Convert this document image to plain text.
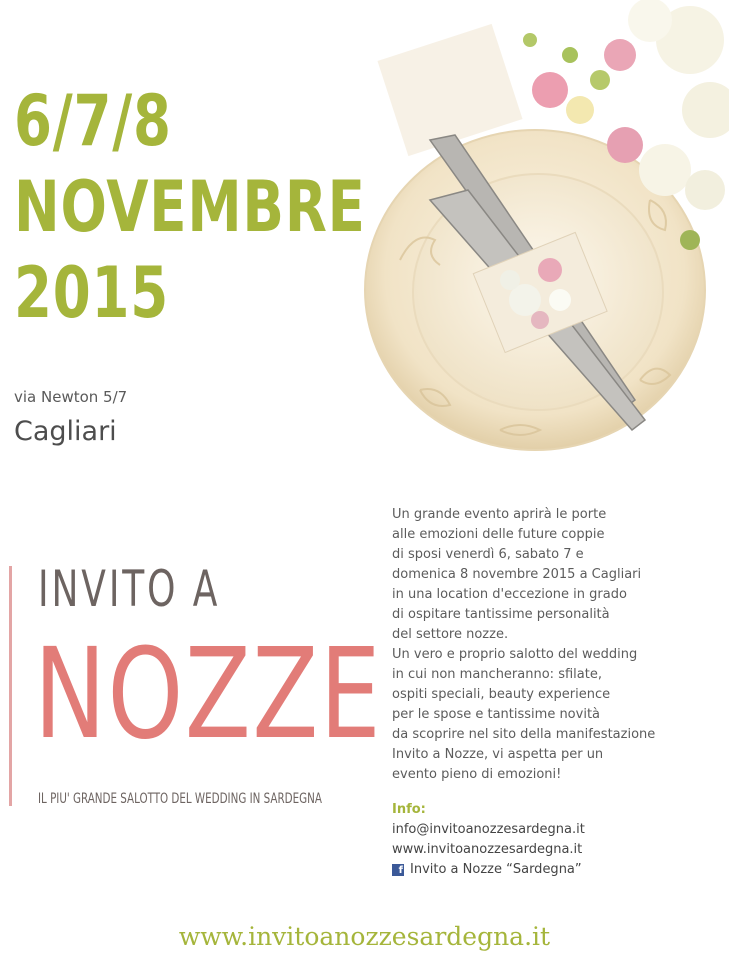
6/7/8
NOVEMBRE
2015
via Newton 5/7
Cagliari
INVITO A
NOZZE
IL PIU' GRANDE SALOTTO DEL WEDDING IN SARDEGNA
Un grande evento aprirà le porte
alle emozioni delle future coppie
di sposi venerdì 6, sabato 7 e
domenica 8 novembre 2015 a Cagliari
in una location d'eccezione in grado
di ospitare tantissime personalità
del settore nozze.
Un vero e proprio salotto del wedding
in cui non mancheranno: sfilate,
ospiti speciali, beauty experience
per le spose e tantissime novità
da scoprire nel sito della manifestazione
Invito a Nozze, vi aspetta per un
evento pieno di emozioni!
Info:
info@invitoanozzesardegna.it
www.invitoanozzesardegna.it
f Invito a Nozze “Sardegna”
www.invitoanozzesardegna.it
